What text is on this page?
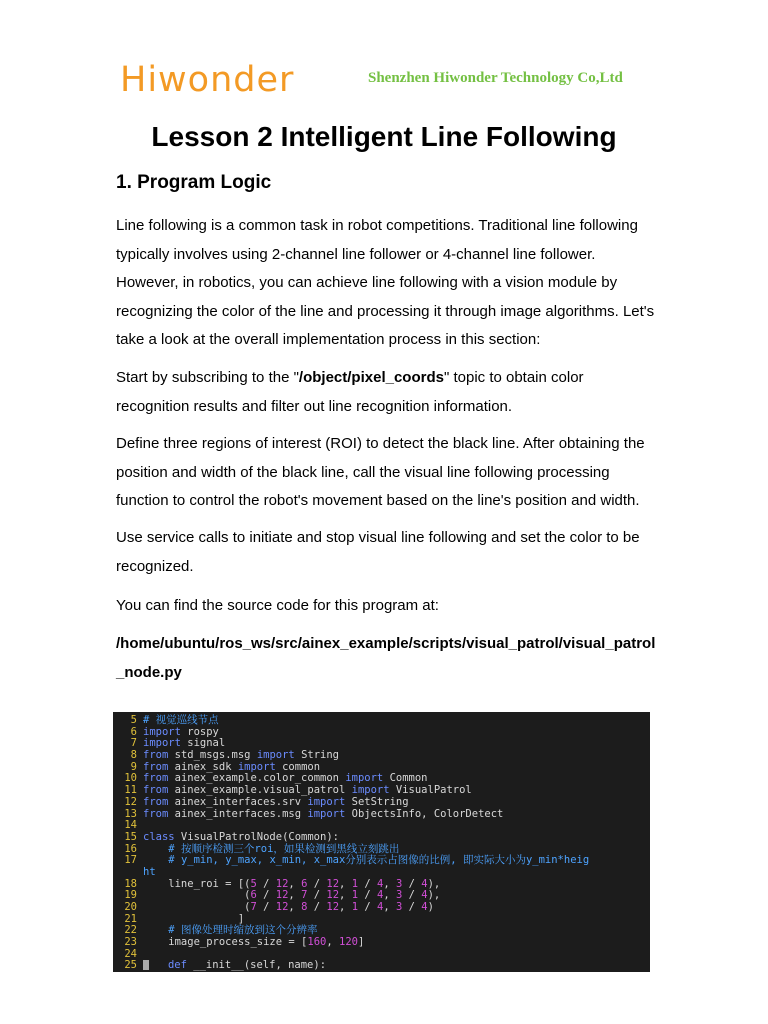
Hiwonder	Shenzhen Hiwonder Technology Co,Ltd
Lesson 2 Intelligent Line Following
1. Program Logic
Line following is a common task in robot competitions. Traditional line following typically involves using 2-channel line follower or 4-channel line follower. However, in robotics, you can achieve line following with a vision module by recognizing the color of the line and processing it through image algorithms. Let's take a look at the overall implementation process in this section:
Start by subscribing to the "/object/pixel_coords" topic to obtain color recognition results and filter out line recognition information.
Define three regions of interest (ROI) to detect the black line. After obtaining the position and width of the black line, call the visual line following processing function to control the robot's movement based on the line's position and width.
Use service calls to initiate and stop visual line following and set the color to be recognized.
You can find the source code for this program at:
/home/ubuntu/ros_ws/src/ainex_example/scripts/visual_patrol/visual_patrol_node.py
5 # 视觉巡线节点
6 import rospy
7 import signal
8 from std_msgs.msg import String
9 from ainex_sdk import common
10 from ainex_example.color_common import Common
11 from ainex_example.visual_patrol import VisualPatrol
12 from ainex_interfaces.srv import SetString
13 from ainex_interfaces.msg import ObjectsInfo, ColorDetect
14
15 class VisualPatrolNode(Common):
16	# 按顺序检测三个roi，如果检测到黑线立刻跳出
17	# y_min, y_max, x_min, x_max分别表示占图像的比例, 即实际大小为y_min*heig
ht
18    line_roi = [(5 / 12, 6 / 12, 1 / 4, 3 / 4),
19                (6 / 12, 7 / 12, 1 / 4, 3 / 4),
20                (7 / 12, 8 / 12, 1 / 4, 3 / 4)
21               ]
22	# 图像处理时缩放到这个分辨率
23    image_process_size = [160, 120]
24
25	def __init__(self, name):
